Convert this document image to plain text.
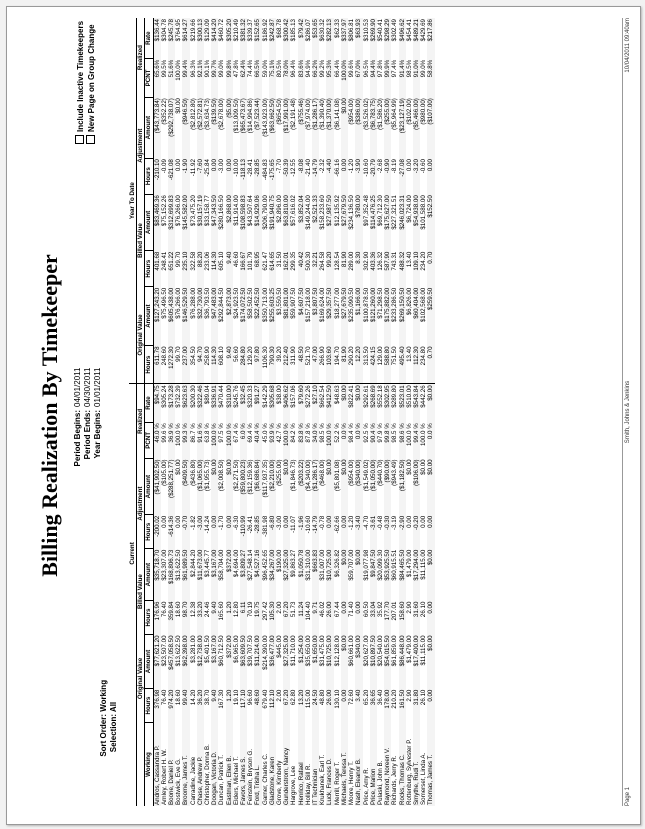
Billing Realization By Timekeeper Period Begins:04/01/2011
Period Ends:04/30/2011
Year Begins:01/01/2011
Sort Order: Working
Selection: All
Include Inactive Timekeepers New Page on Group Change
	Current								Year To Date							
	Original Value		Billed Value		Adjustment		Realized		Original Value		Billed Value		Adjustment		Realized	
Working	Hours	Amount	Hours	Amount	Hours	Amount	PCNT	Rate	Hours	Amount	Hours	Amount	Hours	Amount	PCNT	Rate
Andros, Cassandra P.	376.98	$77,621.20	176.96	$35,718.70	-200.02	($41,902.50)	46.0 %	$94.75	611.78	$127,243.20	401.68	$83,469.36	-210.10	($43,773.84)	65.6%	$136.44
Arnley, Robert H. W.	76.40	$23,507.00	76.40	$23,307.00	0.00	($105.00)	99.6 %	$305.24	248.60	$75,496.50	248.41	$75,152.26	-0.09	($352.22)	99.5%	$304.78
Boone, Daniel P.	974.20	$457,058.50	359.84	$168,806.73	-614.36	($288,251.77)	36.9 %	$173.28	1272.30	$605,438.00	651.22	$312,699.83	-621.08	($292,738.07)	51.6%	$245.78
Bostwick, Eve G.	18.60	$13,622.50	18.60	$13,622.50	0.00	$0.00	100.0 %	$732.39	99.70	$76,266.00	99.70	$76,266.00	0.00	$0.00	100.0%	$764.95
Broome, James T.	99.40	$62,398.00	98.70	$61,989.50	-0.70	($409.50)	99.3 %	$623.63	237.00	$146,529.50	235.10	$145,582.00	-1.90	($946.50)	99.4%	$614.27
Carradine, Jackie	14.20	$3,281.00	12.38	$2,844.20	-1.82	($436.80)	86.7 %	$200.30	354.50	$76,288.00	322.58	$73,475.20	-11.92	($2,812.80)	96.3%	$219.66
Chase, Andrew P.	36.20	$12,738.00	33.20	$11,673.00	-3.00	($1,065.00)	91.6 %	$322.46	94.70	$32,730.00	88.20	$30,157.19	-7.60	($2,572.81)	92.1%	$300.13
Christopher, Donna B.	38.70	$5,401.50	24.46	$3,445.77	-14.24	($1,955.73)	63.8 %	$89.04	258.90	$36,793.50	233.06	$33,158.77	-25.84	($3,634.73)	90.1%	$129.09
Doogan, Victoria D.	9.40	$3,167.00	9.40	$3,167.00	0.00	$0.00	100.0 %	$336.91	114.30	$47,483.00	114.30	$47,343.50	0.00	($139.50)	99.7%	$414.20
Duncan, Patrick T.	167.30	$60,712.50	165.60	$58,704.00	-1.70	($2,008.50)	97.5 %	$470.44	608.10	$292,844.50	605.10	$280,166.50	-3.00	($2,678.00)	99.0%	$460.72
Eastman, Ellen B.	1.20	$372.00	1.20	$372.00	0.00	$0.00	100.0 %	$310.00	9.40	$2,873.00	9.40	$2,868.00	0.00	($5.00)	99.8%	$305.20
Elders, Michael T.	19.10	$6,965.00	12.80	$4,694.00	-6.30	($2,271.50)	67.4 %	$245.76	56.60	$24,923.50	46.60	$11,914.00	-10.00	($13,009.50)	47.8%	$210.49
Favors, James S.	117.10	$63,609.50	6.11	$3,809.27	-110.99	($59,800.23)	6.0 %	$32.45	284.80	$174,072.50	166.67	$108,598.83	-118.13	($65,473.67)	62.4%	$381.32
Feinstein, Bryson G.	96.60	$39,707.50	70.19	$27,548.14	-26.41	($12,159.36)	69.4 %	$320.33	129.20	$58,502.50	101.79	$43,507.64	-28.41	($14,994.86)	74.4%	$339.37
Ford, Trisha L.	48.60	$11,214.00	19.75	$4,527.16	-28.85	($6,686.84)	40.4 %	$91.27	97.80	$22,452.50	68.95	$14,929.06	-28.85	($7,523.44)	66.5%	$152.65
Garner, Charles C.	679.40	$214,390.00	297.42	$96,452.65	-381.98	($117,937.35)	45.0 %	$142.29	1106.30	$350,713.00	621.47	$206,790.00	-484.83	($143,923.00)	59.0%	$186.92
Gladstone, Karen	112.10	$36,477.00	105.30	$34,267.00	-6.80	($2,210.00)	93.9 %	$305.68	790.30	$255,603.25	614.65	$191,940.75	-175.65	($63,662.50)	75.1%	$242.87
Grove, Kimberly	2.00	$445.00	2.00	$190.00	-3.00	($255.00)	42.7 %	$38.00	39.20	$3,550.50	31.50	$2,896.00	-7.70	($654.50)	80.5%	$68.78
Gunderstrom, Nancy	67.20	$27,325.00	67.20	$27,325.00	0.00	$0.00	100.0 %	$406.62	212.40	$81,801.00	162.01	$63,810.00	-50.39	($17,991.00)	78.0%	$300.42
Hargrove, Lee	62.80	$11,710.00	51.73	$9,863.27	-11.07	($1,846.73)	84.2 %	$157.06	311.90	$59,907.50	299.35	$57,616.02	-12.55	($2,191.48)	96.4%	$185.13
Henrico, Rafael	13.20	$1,254.00	11.24	$1,050.78	-1.96	($203.22)	83.8 %	$79.60	48.50	$4,607.50	40.42	$3,852.04	-8.08	($755.46)	83.6%	$79.42
Holliday, Bill R.	115.00	$35,650.00	104.40	$31,310.00	-10.60	($4,340.00)	87.8 %	$272.26	521.70	$157,218.00	500.30	$149,244.00	-21.40	($7,974.00)	94.9%	$286.07
IT Technician	24.50	$1,650.00	9.71	$663.83	-14.79	($1,286.17)	34.0 %	$27.10	47.00	$3,807.50	32.21	$2,521.33	-14.79	($1,286.17)	66.2%	$53.65
Krukhanek, Earl T.	48.80	$31,475.00	46.02	$31,007.00	-0.78	($468.00)	98.5 %	$662.54	266.90	$169,624.00	264.58	$158,233.60	-2.32	($1,390.40)	99.2%	$630.32
Luck, Frances D.	26.00	$10,725.00	26.00	$10,725.00	0.00	$0.00	100.0 %	$412.50	103.60	$29,357.50	99.20	$27,987.50	-4.40	($1,370.00)	95.3%	$282.13
Merrill, Roger T.	130.10	$12,128.00	67.44	$6,326.82	-62.66	($5,801.08)	52.2 %	$48.63	194.70	$18,277.00	128.54	$12,135.92	-66.16	($6,141.08)	66.4%	$62.33
Michaels, Teresa T.	0.00	$0.00	0.00	$0.00	0.00	$0.00	0.0 %	$0.00	81.90	$27,679.50	81.90	$27,679.50	0.00	$0.00	100.0%	$337.97
Moore, Henry T.	72.60	$60,661.00	71.40	$59,707.00	-1.20	($954.00)	98.4 %	$822.41	290.20	$235,090.50	289.00	$234,136.50	-1.20	($954.00)	99.6%	$806.81
Nash, Eleanor B.	3.40	$340.00	0.00	$0.00	-3.40	($340.00)	0.0 %	$0.00	12.20	$1,166.00	8.30	$780.00	-3.90	($386.00)	67.0%	$63.93
Price, Amy R.	65.20	$20,627.00	60.50	$19,077.98	-4.70	($1,549.02)	92.5 %	$292.61	313.50	$100,878.50	302.90	$97,352.48	-10.60	($3,526.02)	96.5%	$310.53
Price, Marion	36.65	$10,897.50	33.04	$9,847.50	-3.61	($1,050.00)	90.4 %	$268.69	424.15	$121,260.00	403.36	$114,476.25	-20.79	($6,783.75)	94.4%	$269.90
Pulaski, John B.	36.40	$20,540.00	35.92	$20,099.30	-0.48	($440.70)	97.9 %	$552.18	129.00	$71,298.50	126.32	$69,712.30	-2.68	($1,586.20)	97.8%	$540.41
Raymond, Noreen V.	178.00	$54,015.50	177.70	$53,925.50	-0.30	($90.00)	99.8 %	$302.95	588.80	$175,882.00	587.90	$175,627.00	-0.90	($255.00)	99.9%	$298.29
Richards, Jerry R.	210.20	$61,859.00	207.01	$60,915.51	-3.19	($943.49)	98.5 %	$289.80	751.50	$233,286.50	743.31	$227,321.51	-8.19	($5,964.99)	97.4%	$302.49
Rocks, Thomas C.	161.50	$86,448.00	158.60	$84,465.50	-2.90	($1,182.50)	98.6 %	$523.01	495.40	$269,150.50	488.32	$246,023.31	-27.08	($23,127.19)	91.4%	$496.62
Rottenburg, Sylvester P.	2.90	$1,479.00	2.90	$1,479.00	0.00	$0.00	100.0 %	$510.00	13.40	$6,826.00	13.40	$6,724.00	0.00	($102.00)	98.5%	$454.41
Smythe, Rudi T.	31.80	$17,400.00	31.60	$17,294.00	-0.20	($106.00)	99.4 %	$543.84	112.30	$60,404.00	109.10	$54,938.00	-3.20	($5,466.00)	91.0%	$489.21
Somerset, Linda A.	26.10	$11,115.00	26.10	$11,115.00	0.00	$0.00	100.0 %	$442.26	234.80	$102,568.00	234.20	$101,588.00	-0.60	($980.00)	99.0%	$429.69
Thomas, James T.	0.00	$0.00	0.00	$0.00	0.00	$0.00	0.0 %	$0.00	0.70	$259.50	0.70	$152.50	0.00	($107.00)	58.8%	$217.86
Page 1
Smith, Johns & Jenkins
10/04/2011 09:40am
